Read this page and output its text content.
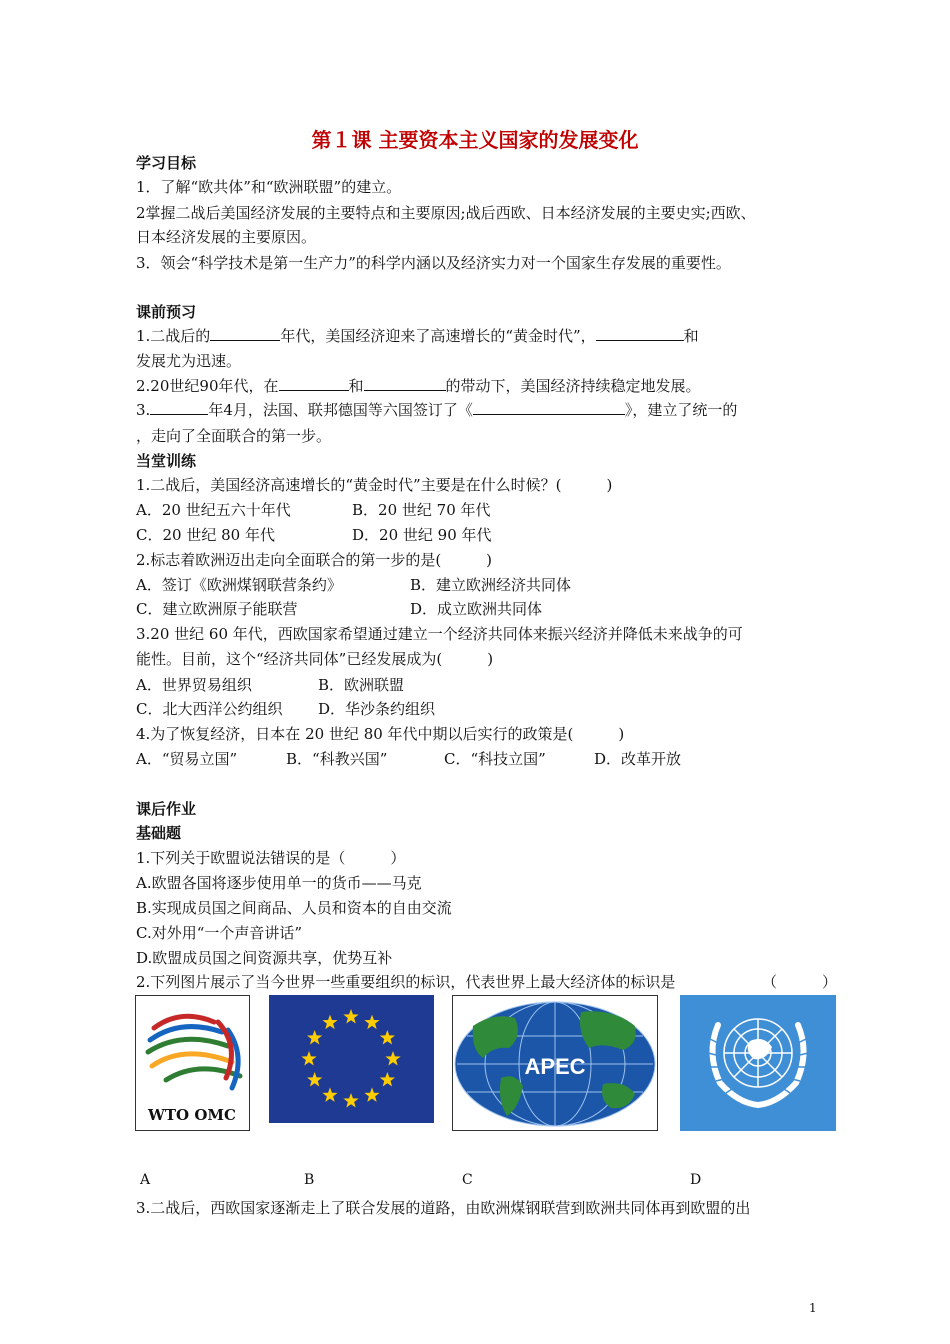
第１课 主要资本主义国家的发展变化
学习目标
1．了解“欧共体”和“欧洲联盟”的建立。
2掌握二战后美国经济发展的主要特点和主要原因;战后西欧、日本经济发展的主要史实;西欧、
日本经济发展的主要原因。
3．领会“科学技术是第一生产力”的科学内涵以及经济实力对一个国家生存发展的重要性。
课前预习
1.二战后的	年代，美国经济迎来了高速增长的“黄金时代”，	和
发展尤为迅速。
2.20世纪90年代，在	和	的带动下，美国经济持续稳定地发展。
3.	年4月，法国、联邦德国等六国签订了《	》，建立了统一的
，走向了全面联合的第一步。
当堂训练
1.二战后，美国经济高速增长的“黄金时代”主要是在什么时候？(　　　)
A．20 世纪五六十年代	B．20 世纪 70 年代
C．20 世纪 80 年代	D．20 世纪 90 年代
2.标志着欧洲迈出走向全面联合的第一步的是(　　　)
A．签订《欧洲煤钢联营条约》	B．建立欧洲经济共同体
C．建立欧洲原子能联营	D．成立欧洲共同体
3.20 世纪 60 年代，西欧国家希望通过建立一个经济共同体来振兴经济并降低未来战争的可
能性。目前，这个“经济共同体”已经发展成为(　　　)
A．世界贸易组织	B．欧洲联盟
C．北大西洋公约组织 D．华沙条约组织
4.为了恢复经济，日本在 20 世纪 80 年代中期以后实行的政策是(　　　)
A．“贸易立国”	B．“科教兴国”	C．“科技立国”	D．改革开放
课后作业
基础题
1.下列关于欧盟说法错误的是（　　　）
A.欧盟各国将逐步使用单一的货币——马克
B.实现成员国之间商品、人员和资本的自由交流
C.对外用“一个声音讲话”
D.欧盟成员国之间资源共享，优势互补
2.下列图片展示了当今世界一些重要组织的标识，代表世界上最大经济体的标识是	（　　　）
WTO OMC
APEC
A	B	C	D
3.二战后，西欧国家逐渐走上了联合发展的道路，由欧洲煤钢联营到欧洲共同体再到欧盟的出
1
